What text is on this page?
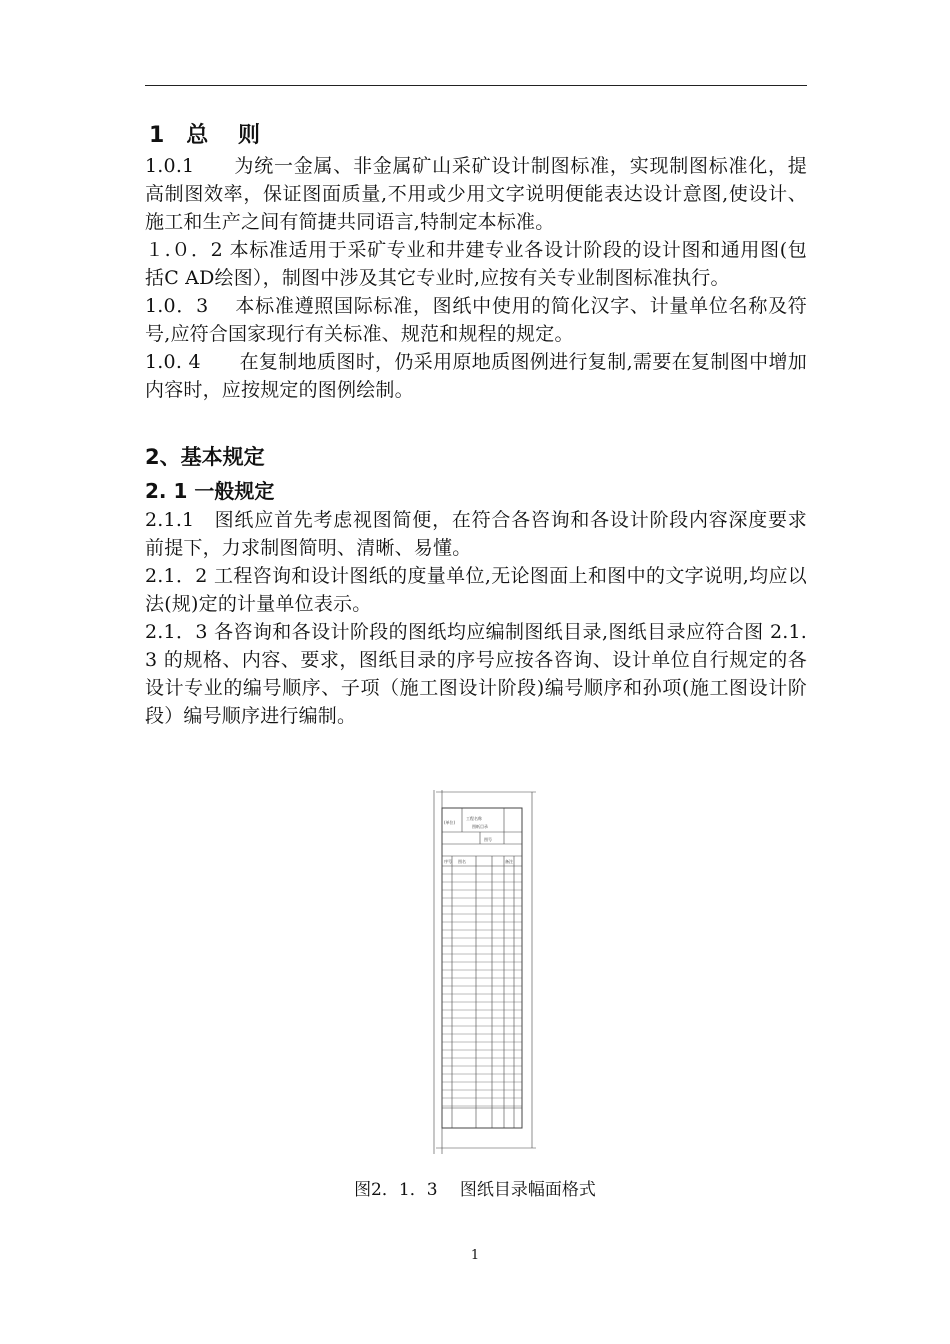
1　总　 则

1.0.1　　为统一金属、非金属矿山采矿设计制图标准，实现制图标准化，提高制图效率，保证图面质量,不用或少用文字说明便能表达设计意图,使设计、施工和生产之间有简捷共同语言,特制定本标准。

１.０．2 本标准适用于采矿专业和井建专业各设计阶段的设计图和通用图(包括C AD绘图），制图中涉及其它专业时,应按有关专业制图标准执行。

1.0．3　 本标准遵照国际标准，图纸中使用的简化汉字、计量单位名称及符号,应符合国家现行有关标准、规范和规程的规定。

1.0. 4　　在复制地质图时，仍采用原地质图例进行复制,需要在复制图中增加内容时，应按规定的图例绘制。

2、基本规定
2. 1 一般规定

2.1.1　图纸应首先考虑视图简便，在符合各咨询和各设计阶段内容深度要求前提下，力求制图简明、清晰、易懂。

2.1．2 工程咨询和设计图纸的度量单位,无论图面上和图中的文字说明,均应以法(规)定的计量单位表示。

2.1．3 各咨询和各设计阶段的图纸均应编制图纸目录,图纸目录应符合图 2.1. 3 的规格、内容、要求，图纸目录的序号应按各咨询、设计单位自行规定的各设计专业的编号顺序、子项（施工图设计阶段)编号顺序和孙项(施工图设计阶段）编号顺序进行编制。

(单位)
工程名称
图纸目录
图号
序号 图名	备注
图2．1．3　 图纸目录幅面格式
1
